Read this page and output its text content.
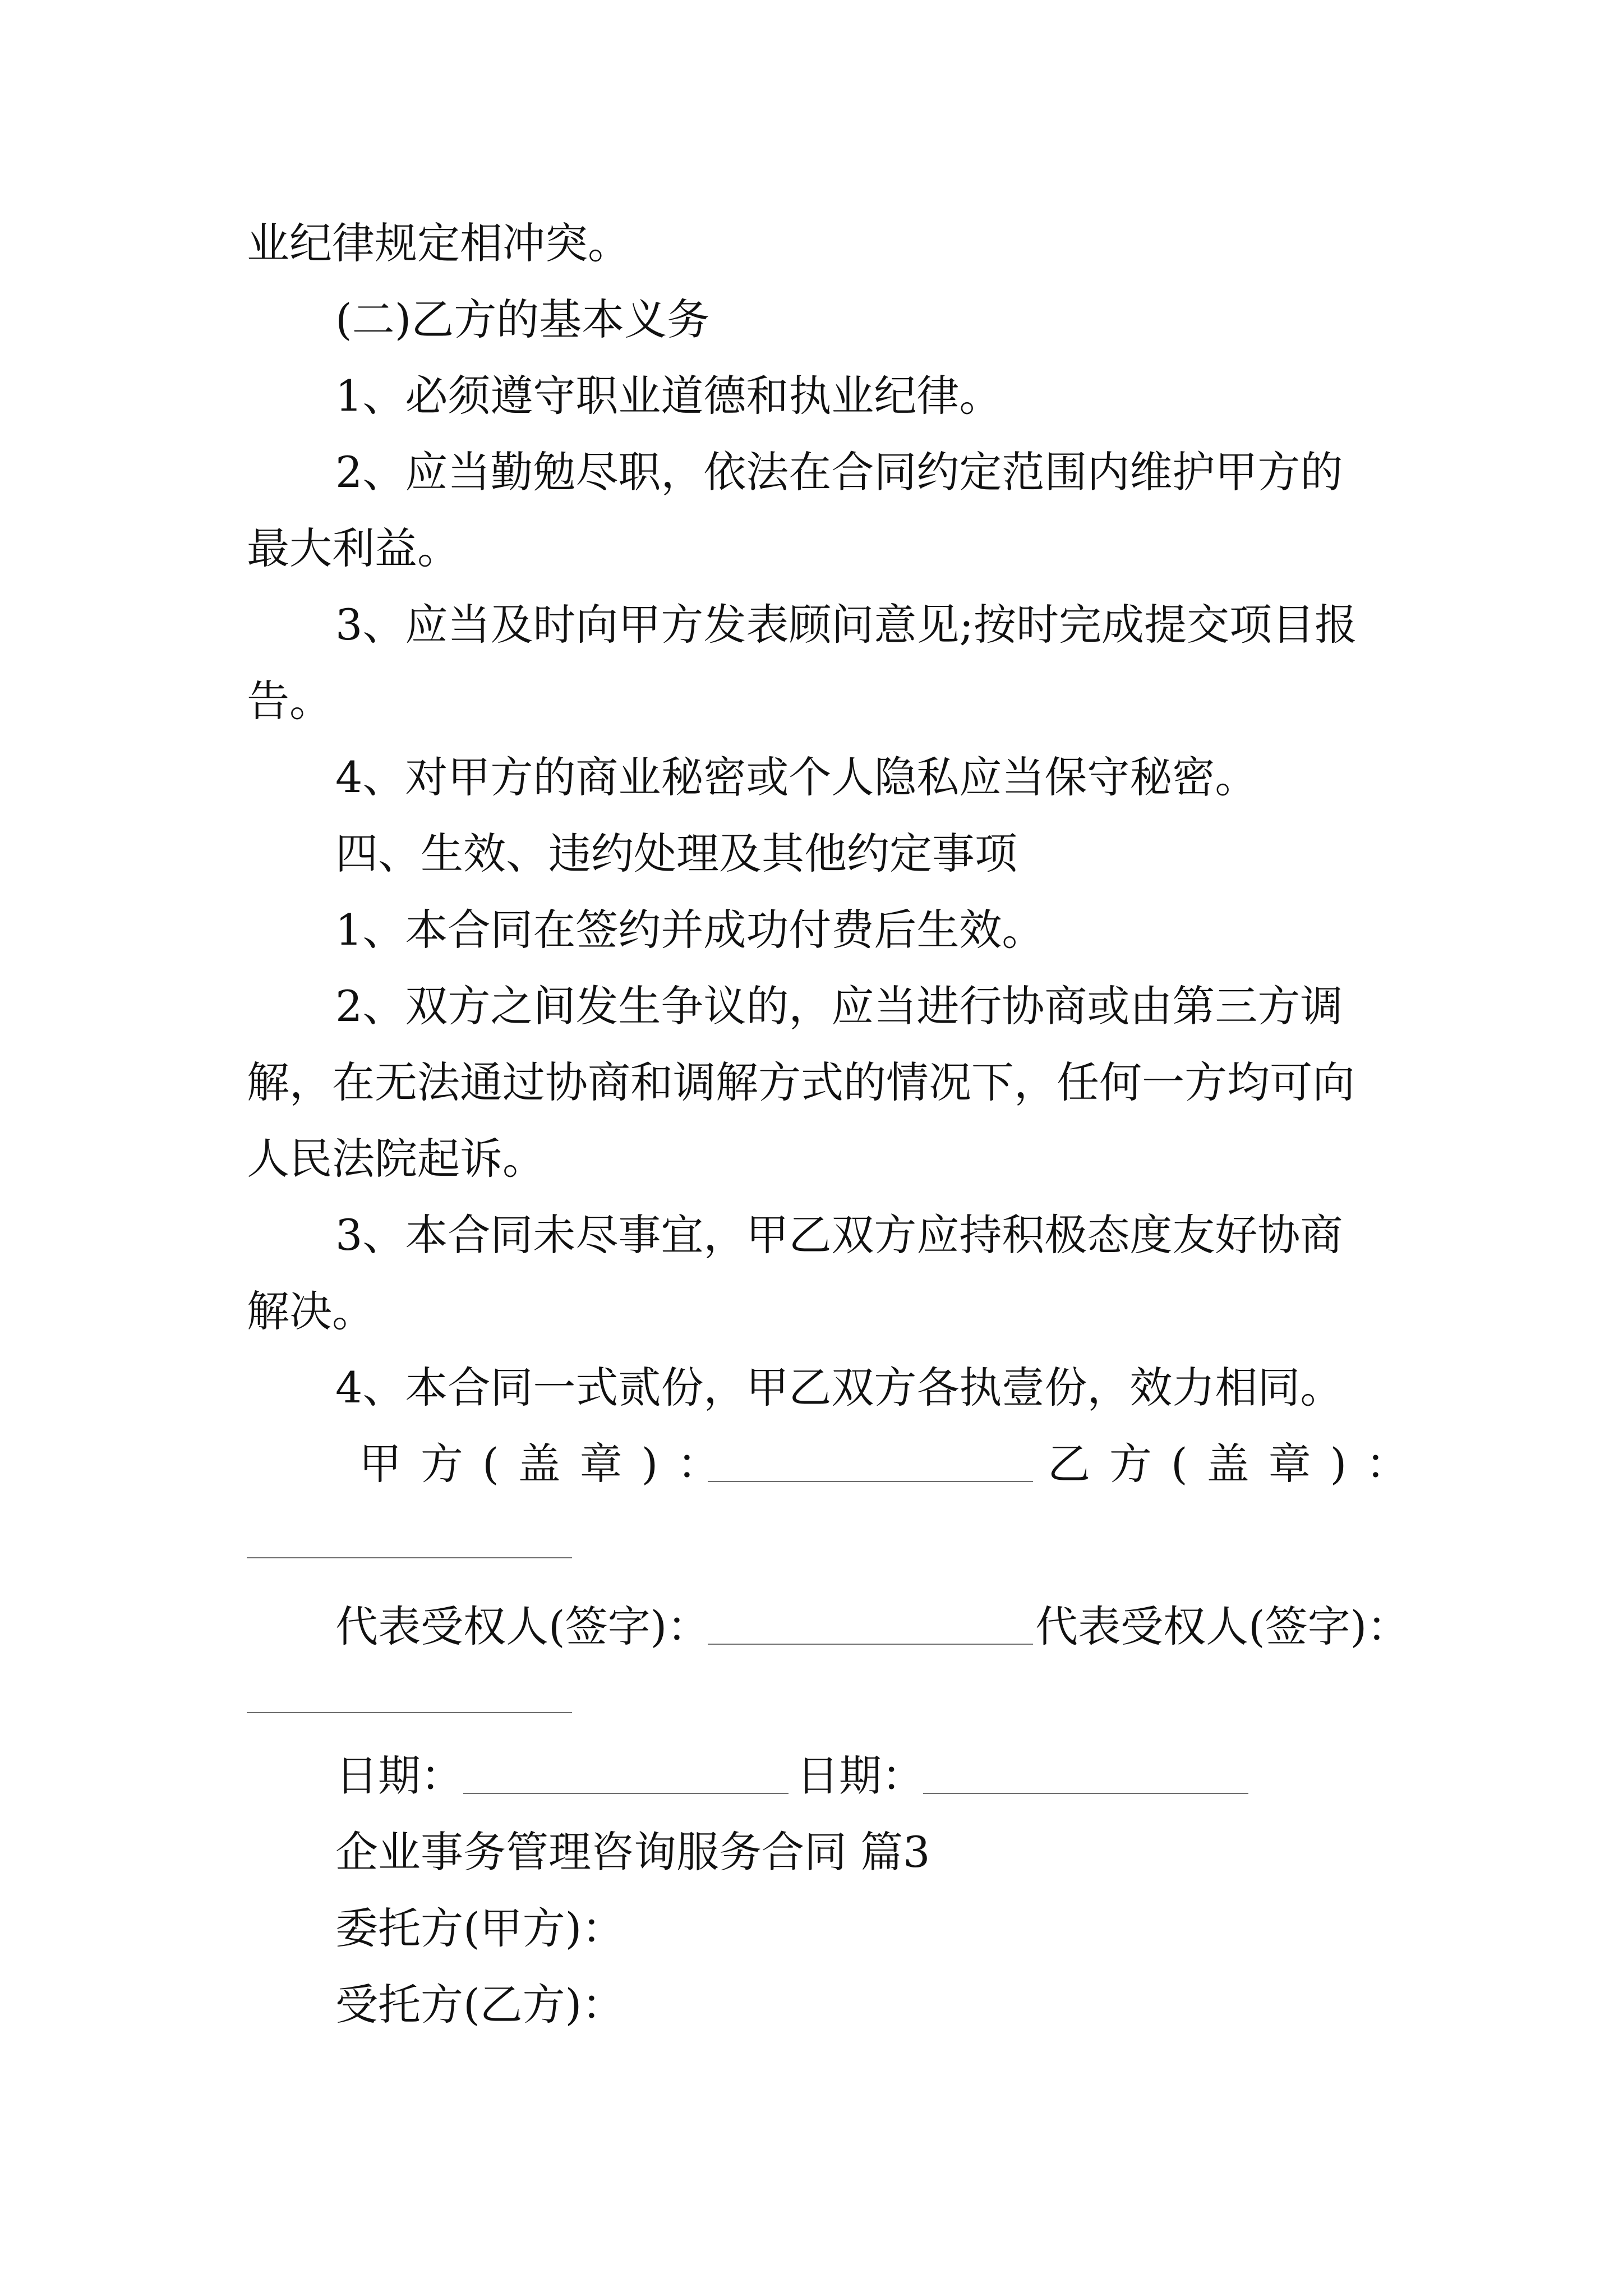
业纪律规定相冲突。
(二)乙方的基本义务
1、必须遵守职业道德和执业纪律。
2、应当勤勉尽职，依法在合同约定范围内维护甲方的
最大利益。
3、应当及时向甲方发表顾问意见;按时完成提交项目报
告。
4、对甲方的商业秘密或个人隐私应当保守秘密。
四、生效、违约处理及其他约定事项
1、本合同在签约并成功付费后生效。
2、双方之间发生争议的，应当进行协商或由第三方调
解，在无法通过协商和调解方式的情况下，任何一方均可向
人民法院起诉。
3、本合同未尽事宜，甲乙双方应持积极态度友好协商
解决。
4、本合同一式贰份，甲乙双方各执壹份，效力相同。
甲方(盖章)：	乙方(盖章)：
代表受权人(签字)：	代表受权人(签字)：
日期：	日期：
企业事务管理咨询服务合同 篇3
委托方(甲方)：
受托方(乙方)：
